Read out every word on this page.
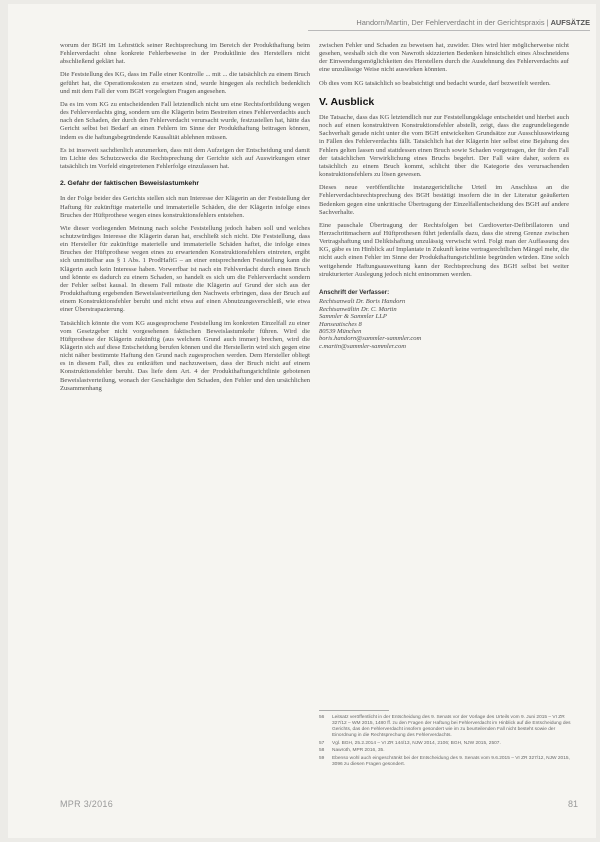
Handorn/Martin, Der Fehlerverdacht in der Gerichtspraxis | AUFSÄTZE

worum der BGH im Lehrstück seiner Rechtsprechung im Bereich der Produkthaftung beim Fehlerverdacht ohne konkrete Fehlerbeweise in der Produktlinie des Herstellers nicht abschließend geklärt hat.

Die Feststellung des KG, dass im Falle einer Kontrolle ... mit ... die tatsächlich zu einem Bruch geführt hat, die Operationskosten zu ersetzen sind, wurde hingegen als rechtlich bedenklich und mit dem Fall der vom BGH vorgelegten Fragen angesehen.

Da es im vom KG zu entscheidenden Fall letztendlich nicht um eine Rechtsfortbildung wegen des Fehlerverdachts ging, sondern um die Klägerin beim Bestreiten eines Fehlerverdachts auch nach den Schaden, der durch den Fehlerverdacht verursacht wurde, festzustellen hat, hätte das Gericht selbst bei Bedarf an einen Fehlern im Sinne der Produkthaftung beitragen können, indem es die haftungsbegründende Kausalität ablehnen müssen.

Es ist insoweit sachdienlich anzumerken, dass mit dem Aufzeigen der Entscheidung und damit im Lichte des Schutzzwecks die Rechtsprechung der Gerichte sich auf Auswirkungen einer tatsächlich im Vorfeld eingetretenen Fehlerfolge einzulassen hat.

2. Gefahr der faktischen Beweislastumkehr

In der Folge beider des Gerichts stellen sich nun Interesse der Klägerin an der Feststellung der Haftung für zukünftige materielle und immaterielle Schäden, die der Klägerin infolge eines Bruches der Hüftprothese wegen eines konstruktionsfehlers entstehen.

Wie dieser vorliegenden Meinung nach solche Feststellung jedoch haben soll und welches schutzwürdiges Interesse die Klägerin daran hat, erschließt sich nicht. Die Feststellung, dass ein Hersteller für zukünftige materielle und immaterielle Schäden haftet, die infolge eines Bruches der Hüftprothese wegen eines zu erwartenden Konstruktionsfehlers eintreten, ergibt sich unmittelbar aus § 1 Abs. 1 ProdHaftG – an einer entsprechenden Feststellung kann die Klägerin auch kein Interesse haben. Vorwerfbar ist nach ein Fehlverdacht durch einen Bruch und könnte es dadurch zu einem Schaden, so handelt es sich um die Fehlerverdacht sondern der Fehler selbst kausal. In diesem Fall müsste die Klägerin auf Grund der sich aus der Produkthaftung ergebenden Beweislastverteilung den Nachweis erbringen, dass der Bruch auf einem Konstruktionsfehler beruht und nicht etwa auf einen Abnutzungsverschleiß, wie etwa einer Überstrapazierung.

Tatsächlich könnte die vom KG ausgesprochene Feststellung im konkreten Einzelfall zu einer vom Gesetzgeber nicht vorgesehenen faktischen Beweislastumkehr führen. Wird die Hüftprothese der Klägerin zukünftig (aus welchem Grund auch immer) brechen, wird die Klägerin sich auf diese Entscheidung berufen können und die Herstellerin wird sich gegen eine nicht näher bestimmte Haftung den Grund nach zugesprochen werden. Dem Hersteller obliegt es in diesem Fall, dies zu entkräften und nachzuweisen, dass der Bruch nicht auf einem Konstruktionsfehler beruht. Das liefe dem Art. 4 der Produkthaftungsrichtlinie gebotenen Beweislastverteilung, wonach der Geschädigte den Schaden, den Fehler und den ursächlichen Zusammenhang

zwischen Fehler und Schaden zu beweisen hat, zuwider. Dies wird hier möglicherweise nicht gesehen, weshalb sich die von Nawroth skizzierten Bedenken hinsichtlich eines Abschneidens der Einwendungsmöglichkeiten des Herstellers durch die Ausdehnung des Fehlerverdachts auf eine unzulässige Weise nicht auswirken könnten.

Ob dies vom KG tatsächlich so beabsichtigt und bedacht wurde, darf bezweifelt werden.

V. Ausblick

Die Tatsache, dass das KG letztendlich nur zur Feststellungsklage entscheidet und hierbei auch noch auf einen konstruktiven Konstruktionsfehler abstellt, zeigt, dass die zugrundeliegende Sachverhalt gerade nicht unter die vom BGH entwickelten Grundsätze zur Ausschlusswirkung in Fällen des Fehlerverdachts fällt. Tatsächlich hat der Klägerin hier selbst eine Bejahung des Fehlers gelten lassen und stattdessen einen Bruch sowie Schaden vorgetragen, der für den Fall der tatsächlichen Verwirklichung eines Bruchs begehrt. Der Fall wäre daher, sofern es tatsächlich zu einem Bruch kommt, schlicht über die Kategorie des verursachenden konstruktionsfehlers zu lösen gewesen.

Dieses neue veröffentlichte instanzgerichtliche Urteil im Anschluss an die Fehlerverdachtsrechtsprechung des BGH bestätigt insofern die in der Literatur geäußerten Bedenken gegen eine unkritische Übertragung der Einzelfallentscheidung des BGH auf andere Sachverhalte.

Eine pauschale Übertragung der Rechtsfolgen bei Cardioverter-Defibrillatoren und Herzschrittmachern auf Hüftprothesen führt jedenfalls dazu, dass die streng Grenze zwischen Vertragshaftung und Deliktshaftung unzulässig verwischt wird. Folgt man der Auffassung des KG, gäbe es im Hinblick auf Implantate in Zukunft keine vertragsrechtlichen Mängel mehr, die nicht auch einen Fehler im Sinne der Produkthaftungsrichtlinie begründen würden. Eine solch weitgehende Haftungsausweitung kann der Rechtsprechung des BGH selbst bei weiter strukturierter Auslegung jedoch nicht entnommen werden.

Anschrift der Verfasser:
Rechtsanwalt Dr. Boris Handorn
Rechtsanwältin Dr. C. Martin
Sammler & Sammler LLP
Hanseatisches 8
80539 München
boris.handorn@sammler-sammler.com
c.martin@sammler-sammler.com
56	Leitsatz veröffentlicht in der Entscheidung des 9. Senats vor der Vorlage des Urteils vom 9. Juni 2015 – VI ZR 327/12 – WM 2015, 1480 ff. zu den Fragen der Haftung bei Fehlerverdacht im Hinblick auf die Entscheidung des Gerichts, das den Fehlerverdacht insofern gesondert wie im zu beurteilenden Fall nicht besteht sowie der Einordnung in die Rechtsprechung des Fehlerverdachts.
57	Vgl. BGH, 25.2.2014 – VI ZR 144/13, NJW 2014, 2106; BGH, NJW 2015, 2507.
58	Nawroth, MPR 2016, 35.
59	Ebenso wohl auch eingeschränkt bei der Entscheidung des 9. Senats vom 9.6.2015 – VI ZR 327/12, NJW 2015, 3096 zu diesen Fragen gesondert.
MPR 3/2016	81
